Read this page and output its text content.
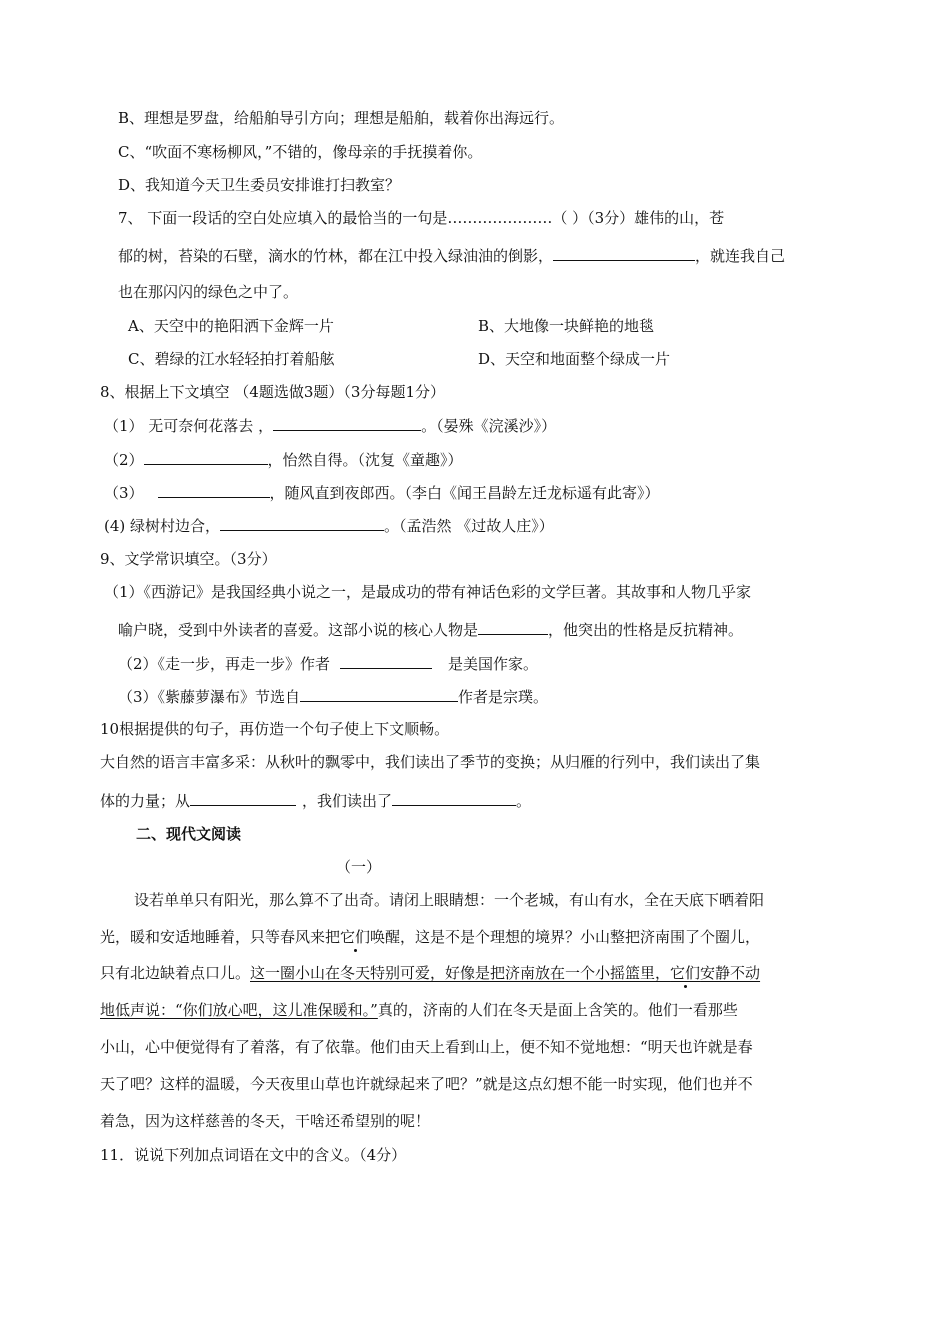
B、理想是罗盘，给船舶导引方向；理想是船舶，载着你出海远行。
C、“吹面不寒杨柳风，”不错的，像母亲的手抚摸着你。
D、我知道今天卫生委员安排谁打扫教室？
7、 下面一段话的空白处应填入的最恰当的一句是…………………（ ）（3分）雄伟的山，苍
郁的树，苔染的石壁，滴水的竹林，都在江中投入绿油油的倒影，	，就连我自己
也在那闪闪的绿色之中了。
A、天空中的艳阳洒下金辉一片	B、大地像一块鲜艳的地毯
C、碧绿的江水轻轻拍打着船舷	D、天空和地面整个绿成一片
8、根据上下文填空 （4题选做3题）（3分每题1分）
（1） 无可奈何花落去 ，	。（晏殊《浣溪沙》）
（2）	，怡然自得。（沈复《童趣》）
（3）	，随风直到夜郎西。（李白《闻王昌龄左迁龙标遥有此寄》）
(4) 绿树村边合，	。（孟浩然 《过故人庄》）
9、文学常识填空。（3分）
（1）《西游记》是我国经典小说之一，是最成功的带有神话色彩的文学巨著。其故事和人物几乎家
喻户晓，受到中外读者的喜爱。这部小说的核心人物是	，他突出的性格是反抗精神。
（2）《走一步，再走一步》作者	是美国作家。
（3）《紫藤萝瀑布》节选自	作者是宗璞。
10根据提供的句子，再仿造一个句子使上下文顺畅。
大自然的语言丰富多采：从秋叶的飘零中，我们读出了季节的变换；从归雁的行列中，我们读出了集
体的力量；从	，我们读出了	。
二、现代文阅读
（一）
设若单单只有阳光，那么算不了出奇。请闭上眼睛想：一个老城，有山有水，全在天底下晒着阳
光，暖和安适地睡着，只等春风来把它们唤醒，这是不是个理想的境界？小山整把济南围了个圈儿，
只有北边缺着点口儿。这一圈小山在冬天特别可爱，好像是把济南放在一个小摇篮里，它们安静不动
地低声说：“你们放心吧，这儿准保暖和。”真的，济南的人们在冬天是面上含笑的。他们一看那些
小山，心中便觉得有了着落，有了依靠。他们由天上看到山上，便不知不觉地想：“明天也许就是春
天了吧？这样的温暖，今天夜里山草也许就绿起来了吧？”就是这点幻想不能一时实现，他们也并不
着急，因为这样慈善的冬天，干啥还希望别的呢！
11．说说下列加点词语在文中的含义。（4分）
